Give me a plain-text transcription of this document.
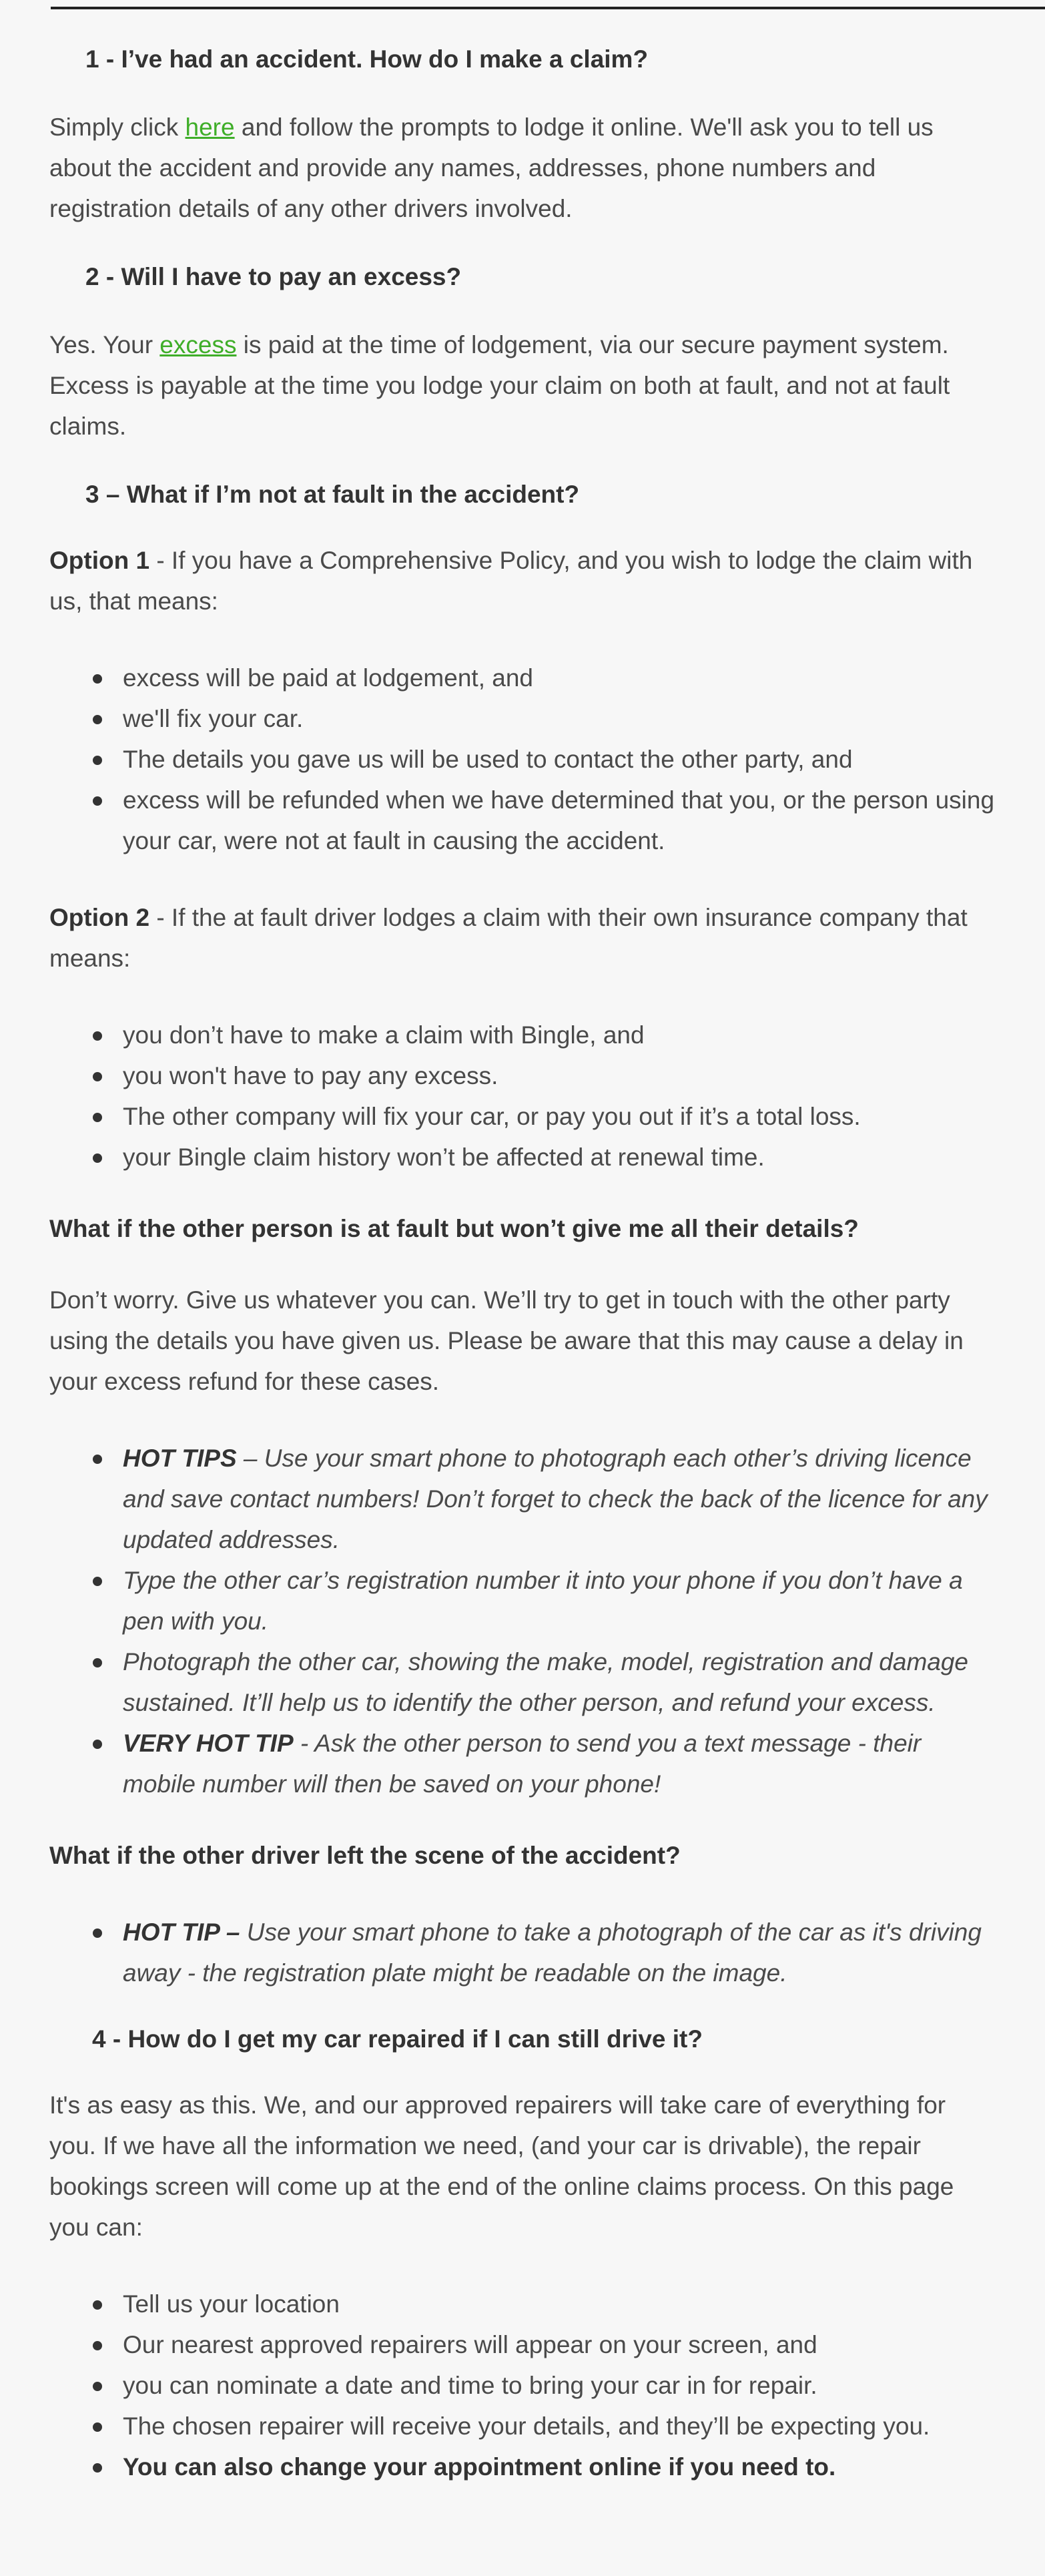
1 - I’ve had an accident. How do I make a claim?

Simply click here and follow the prompts to lodge it online. We'll ask you to tell us about the accident and provide any names, addresses, phone numbers and registration details of any other drivers involved.

2 - Will I have to pay an excess?

Yes. Your excess is paid at the time of lodgement, via our secure payment system. Excess is payable at the time you lodge your claim on both at fault, and not at fault claims.

3 – What if I’m not at fault in the accident?

Option 1 - If you have a Comprehensive Policy, and you wish to lodge the claim with us, that means:

excess will be paid at lodgement, and
we'll fix your car.
The details you gave us will be used to contact the other party, and
excess will be refunded when we have determined that you, or the person using your car, were not at fault in causing the accident.

Option 2 - If the at fault driver lodges a claim with their own insurance company that means:

you don’t have to make a claim with Bingle, and
you won't have to pay any excess.
The other company will fix your car, or pay you out if it’s a total loss.
your Bingle claim history won’t be affected at renewal time.
What if the other person is at fault but won’t give me all their details?

Don’t worry. Give us whatever you can. We’ll try to get in touch with the other party using the details you have given us. Please be aware that this may cause a delay in your excess refund for these cases.

HOT TIPS – Use your smart phone to photograph each other’s driving licence and save contact numbers! Don’t forget to check the back of the licence for any updated addresses.
Type the other car’s registration number it into your phone if you don’t have a pen with you.
Photograph the other car, showing the make, model, registration and damage sustained. It’ll help us to identify the other person, and refund your excess.
VERY HOT TIP - Ask the other person to send you a text message - their mobile number will then be saved on your phone!
What if the other driver left the scene of the accident?
HOT TIP – Use your smart phone to take a photograph of the car as it's driving away - the registration plate might be readable on the image.
4 - How do I get my car repaired if I can still drive it?

It's as easy as this. We, and our approved repairers will take care of everything for you. If we have all the information we need, (and your car is drivable), the repair bookings screen will come up at the end of the online claims process. On this page you can:

Tell us your location
Our nearest approved repairers will appear on your screen, and
you can nominate a date and time to bring your car in for repair.
The chosen repairer will receive your details, and they’ll be expecting you.
You can also change your appointment online if you need to.
